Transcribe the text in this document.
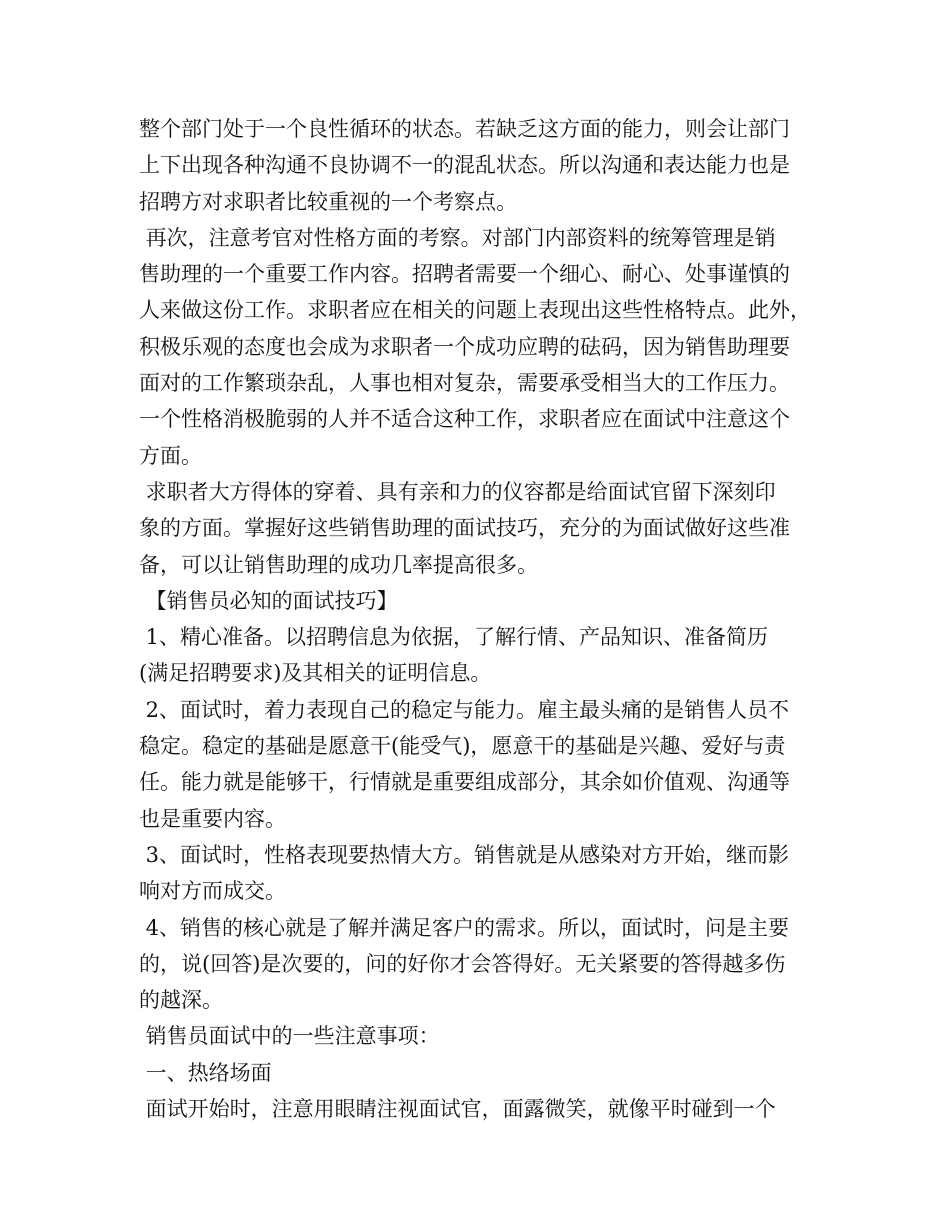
整个部门处于一个良性循环的状态。若缺乏这方面的能力，则会让部门
上下出现各种沟通不良协调不一的混乱状态。所以沟通和表达能力也是
招聘方对求职者比较重视的一个考察点。
再次，注意考官对性格方面的考察。对部门内部资料的统筹管理是销
售助理的一个重要工作内容。招聘者需要一个细心、耐心、处事谨慎的
人来做这份工作。求职者应在相关的问题上表现出这些性格特点。此外，
积极乐观的态度也会成为求职者一个成功应聘的砝码，因为销售助理要
面对的工作繁琐杂乱，人事也相对复杂，需要承受相当大的工作压力。
一个性格消极脆弱的人并不适合这种工作，求职者应在面试中注意这个
方面。
求职者大方得体的穿着、具有亲和力的仪容都是给面试官留下深刻印
象的方面。掌握好这些销售助理的面试技巧，充分的为面试做好这些准
备，可以让销售助理的成功几率提高很多。
【销售员必知的面试技巧】
1、精心准备。以招聘信息为依据，了解行情、产品知识、准备简历
(满足招聘要求)及其相关的证明信息。
2、面试时，着力表现自己的稳定与能力。雇主最头痛的是销售人员不
稳定。稳定的基础是愿意干(能受气)，愿意干的基础是兴趣、爱好与责
任。能力就是能够干，行情就是重要组成部分，其余如价值观、沟通等
也是重要内容。
3、面试时，性格表现要热情大方。销售就是从感染对方开始，继而影
响对方而成交。
4、销售的核心就是了解并满足客户的需求。所以，面试时，问是主要
的，说(回答)是次要的，问的好你才会答得好。无关紧要的答得越多伤
的越深。
销售员面试中的一些注意事项：
一、热络场面
面试开始时，注意用眼睛注视面试官，面露微笑，就像平时碰到一个
